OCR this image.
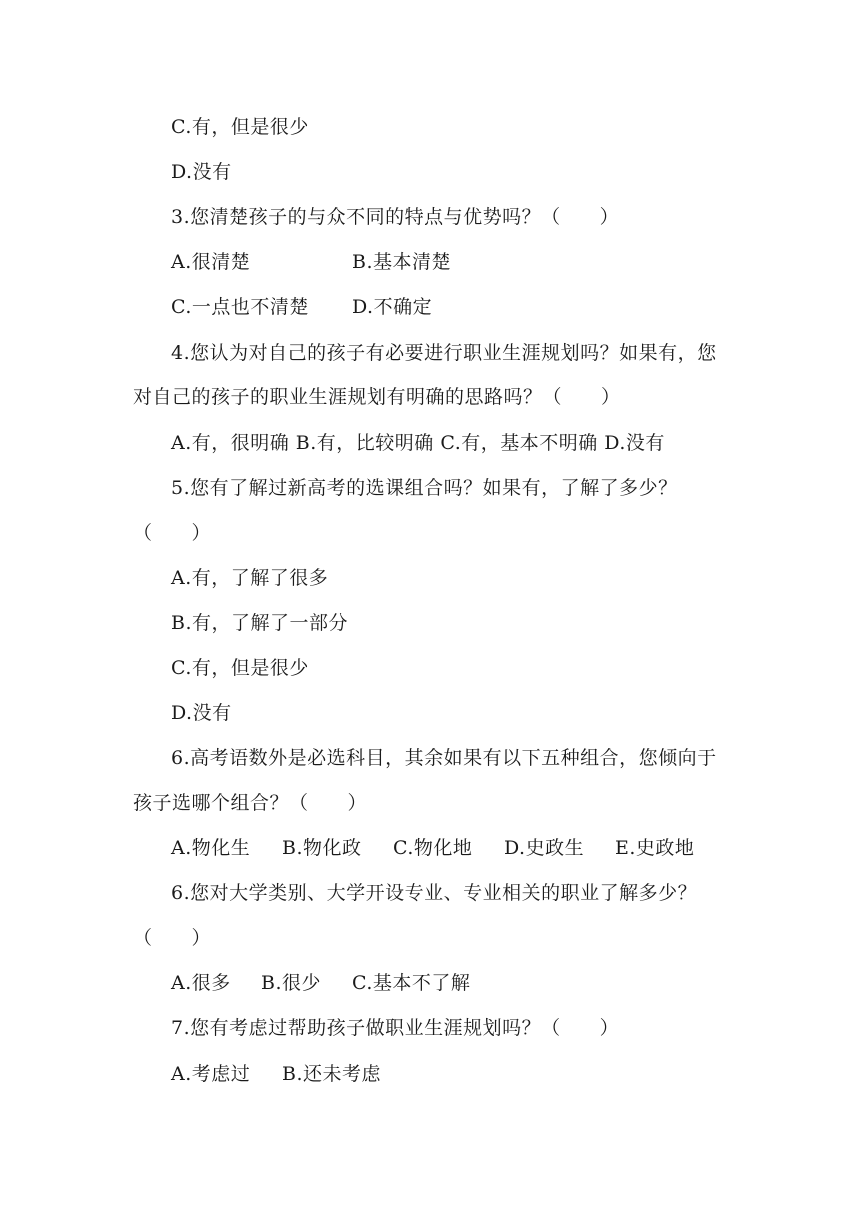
C.有，但是很少
D.没有
3.您清楚孩子的与众不同的特点与优势吗？（　　）
A.很清楚	B.基本清楚
C.一点也不清楚 D.不确定
4.您认为对自己的孩子有必要进行职业生涯规划吗？如果有，您
对自己的孩子的职业生涯规划有明确的思路吗？（　　）
A.有，很明确 B.有，比较明确 C.有，基本不明确 D.没有
5.您有了解过新高考的选课组合吗？如果有，了解了多少？
（　　）
A.有，了解了很多
B.有，了解了一部分
C.有，但是很少
D.没有
6.高考语数外是必选科目，其余如果有以下五种组合，您倾向于
孩子选哪个组合？（　　）
A.物化生 B.物化政 C.物化地 D.史政生 E.史政地
6.您对大学类别、大学开设专业、专业相关的职业了解多少？
（　　）
A.很多 B.很少 C.基本不了解
7.您有考虑过帮助孩子做职业生涯规划吗？（　　）
A.考虑过 B.还未考虑
